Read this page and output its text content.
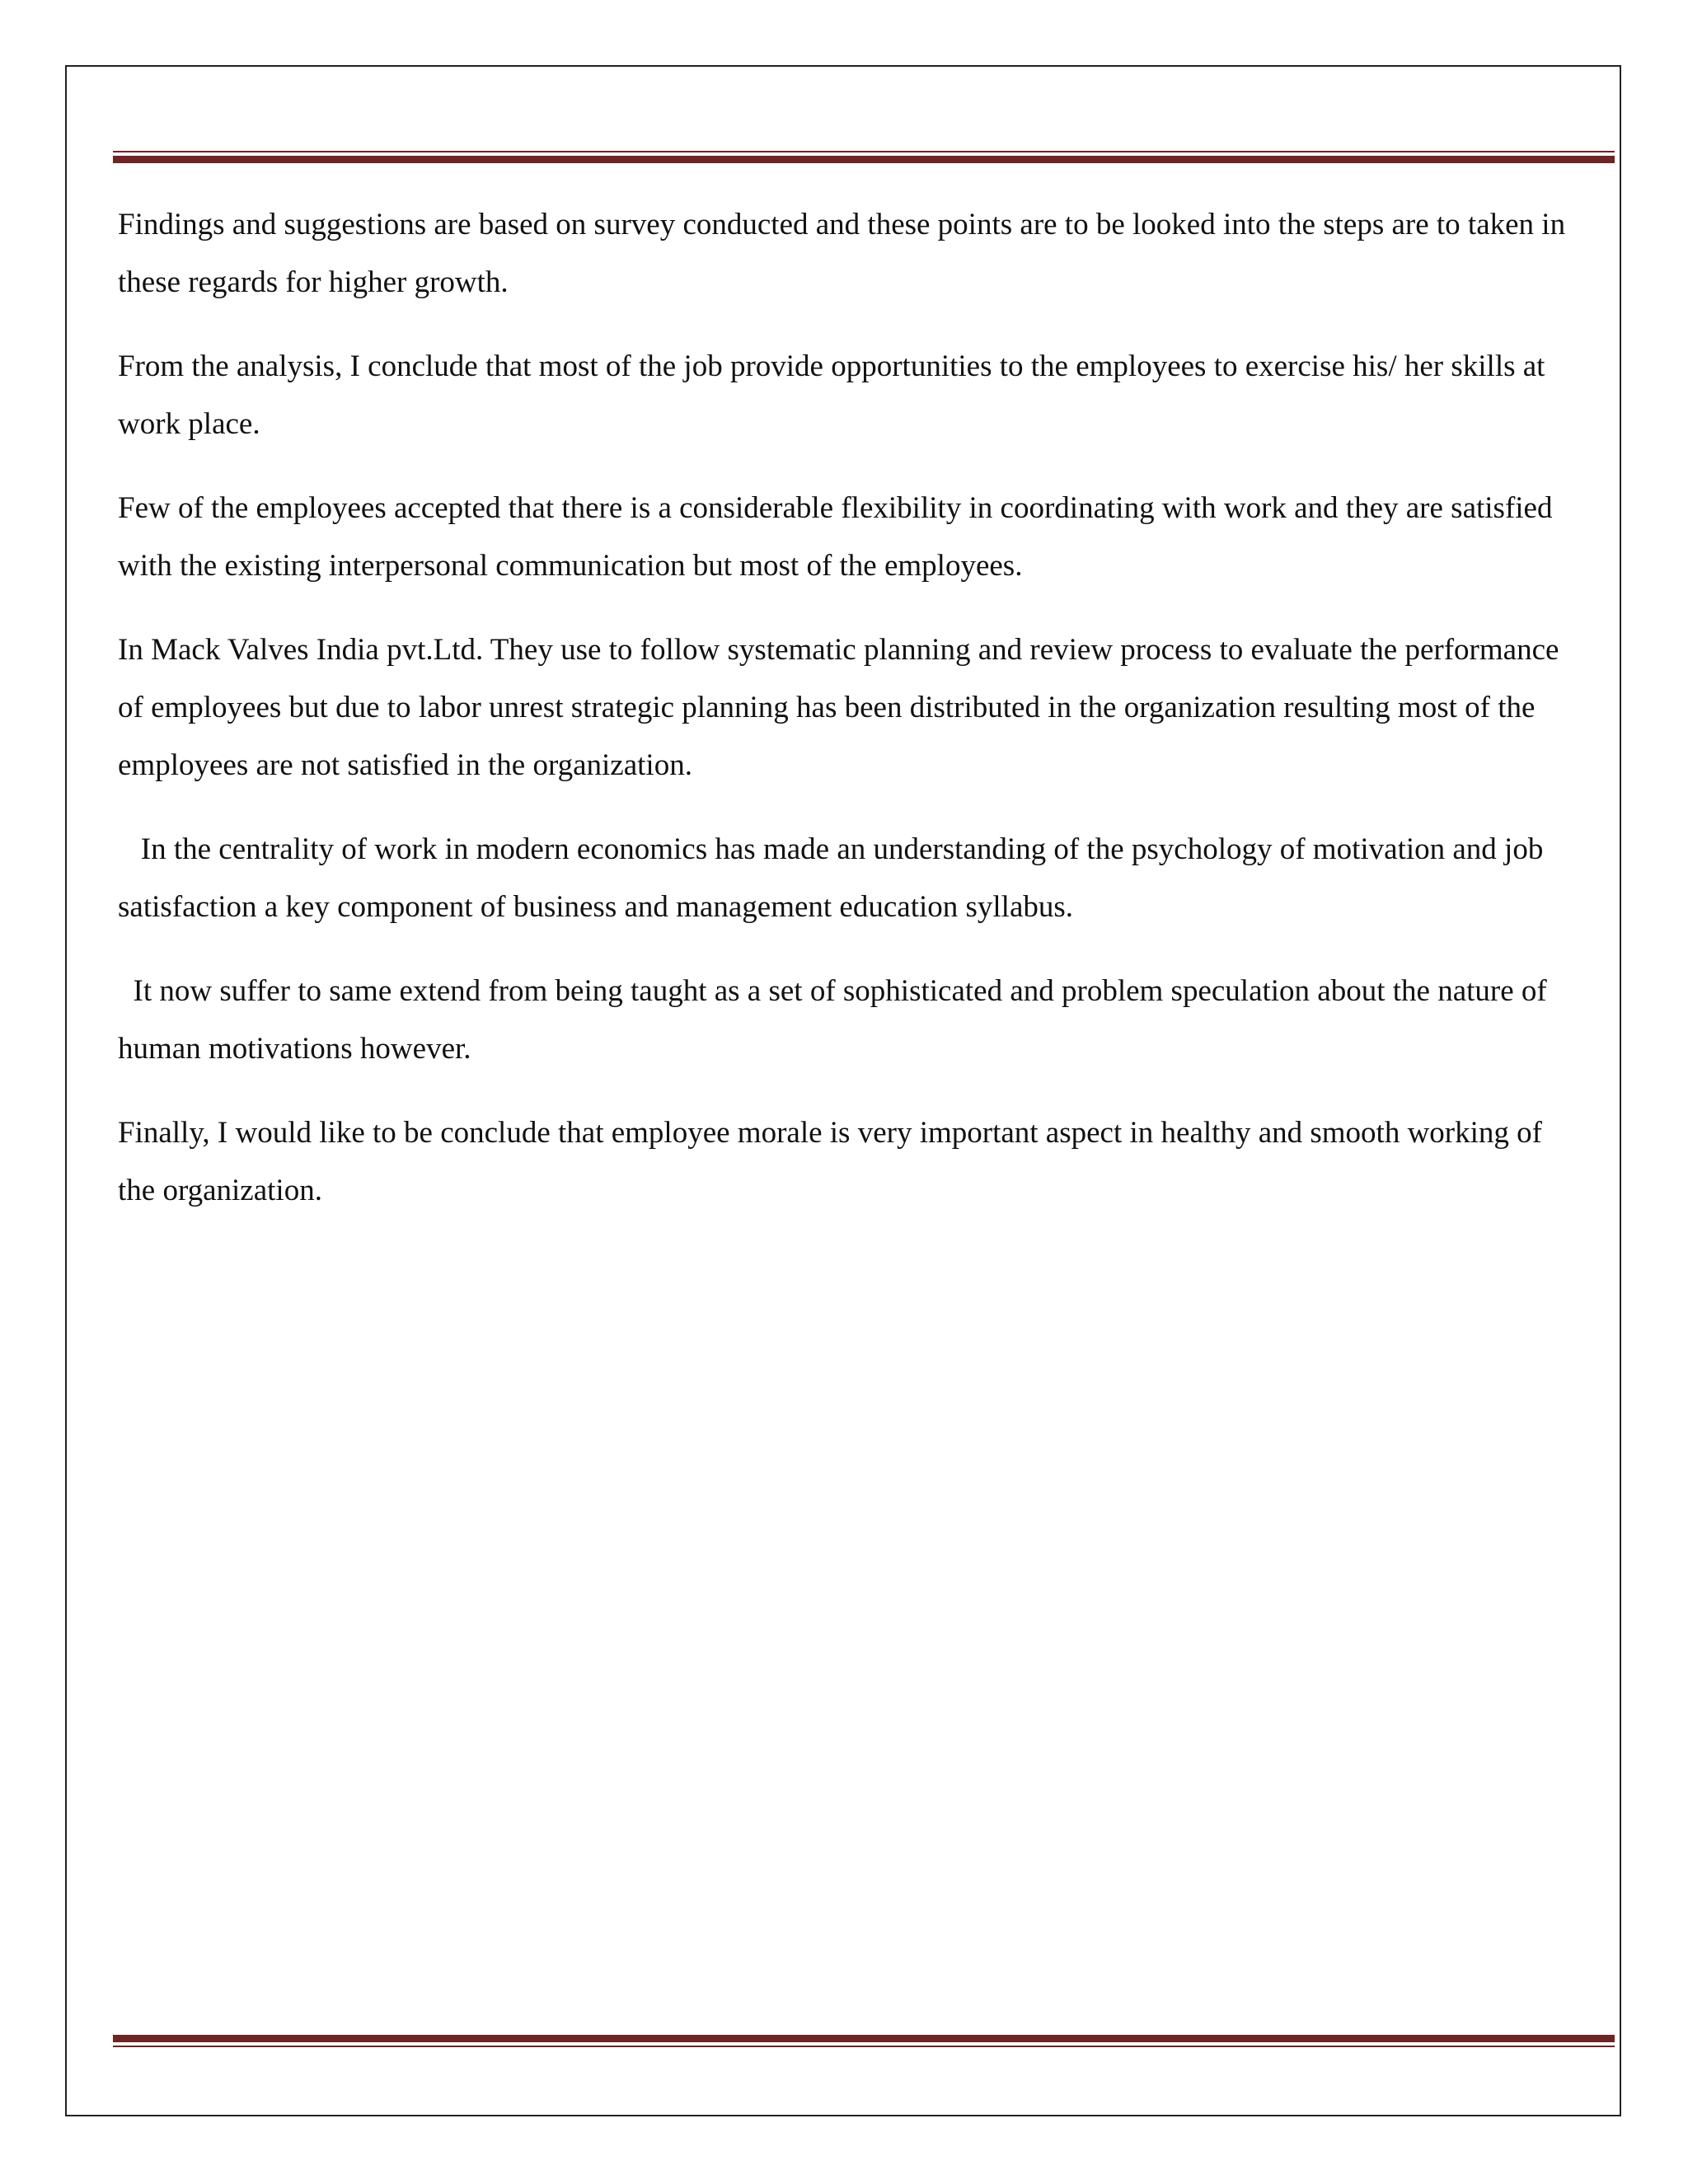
Findings and suggestions are based on survey conducted and these points are to be looked into the steps are to taken in these regards for higher growth.

From the analysis, I conclude that most of the job provide opportunities to the employees to exercise his/ her skills at work place.

Few of the employees accepted that there is a considerable flexibility in coordinating with work and they are satisfied with the existing interpersonal communication but most of the employees.

In Mack Valves India pvt.Ltd. They use to follow systematic planning and review process to evaluate the performance of employees but due to labor unrest strategic planning has been distributed in the organization resulting most of the employees are not satisfied in the organization.

In the centrality of work in modern economics has made an understanding of the psychology of motivation and job satisfaction a key component of business and management education syllabus.

It now suffer to same extend from being taught as a set of sophisticated and problem speculation about the nature of human motivations however.

Finally, I would like to be conclude that employee morale is very important aspect in healthy and smooth working of the organization.
